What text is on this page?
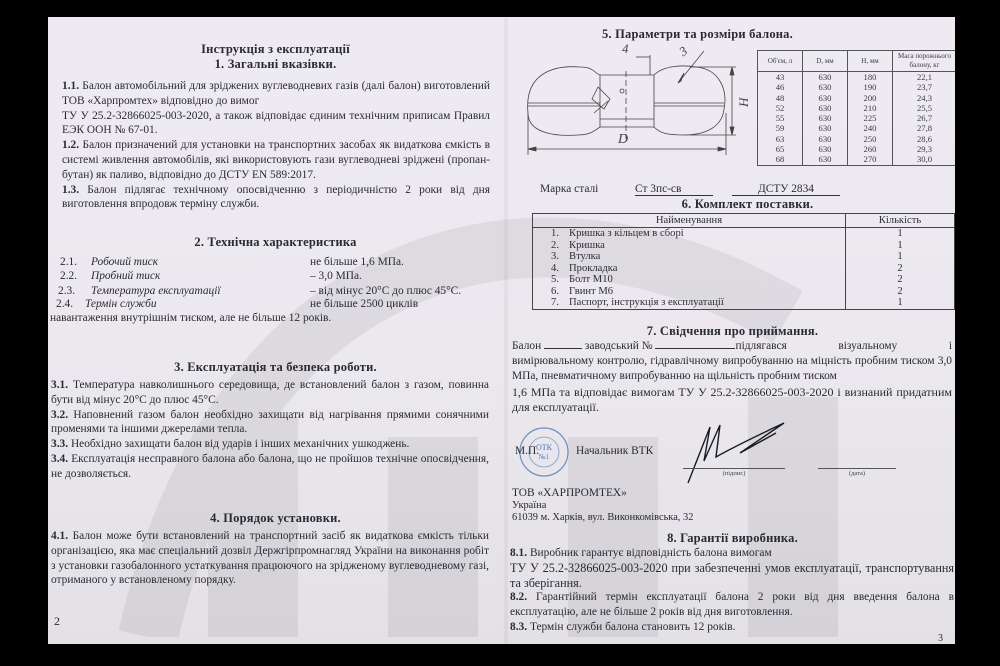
Інструкція з експлуатації
1. Загальні вказівки.
1.1. Балон автомобільний для зріджених вуглеводневих газів (далі балон) виготовлений ТОВ «Харпромтех» відповідно до вимог
ТУ У 25.2-32866025-003-2020, а також відповідає єдиним технічним приписам Правил ЕЭК ООН № 67-01.
1.2. Балон призначений для установки на транспортних засобах як видаткова ємкість в системі живлення автомобілів, які використовують гази вуглеводневі зріджені (пропан-бутан) як паливо, відповідно до ДСТУ EN 589:2017.
1.3. Балон підлягає технічному опосвідченню з періодичністю 2 роки від дня виготовлення впродовж терміну служби.
2. Технічна характеристика
2.1. Робочий тиск	не більше 1,6 МПа.
2.2. Пробний тиск	– 3,0 МПа.
2.3. Температура експлуатації	– від мінус 20°С до плюс 45°С.
2.4. Термін служби	не більше 2500 циклів
навантаження внутрішнім тиском, але не більше 12 років.
3. Експлуатація та безпека роботи.
3.1. Температура навколишнього середовища, де встановлений балон з газом, повинна бути від мінус 20°С до плюс 45°С.
3.2. Наповнений газом балон необхідно захищати від нагрівання прямими сонячними променями та іншими джерелами тепла.
3.3. Необхідно захищати балон від ударів і інших механічних ушкоджень.
3.4. Експлуатація несправного балона або балона, що не пройшов технічне опосвідчення, не дозволяється.
4. Порядок установки.
4.1. Балон може бути встановлений на транспортний засіб як видаткова ємкість тільки організацією, яка має спеціальний дозвіл Держгірпромнагляд України на виконання робіт з установки газобалонного устаткування працюючого на зрідженому вуглеводневому газі, отриманого у встановленому порядку.
2
5. Параметри та розміри балона.
4	3
H
D
Об'єм, л	D, мм	H, мм	Маса порожнього балону, кг
43	630	180	22,1
46	630	190	23,7
48	630	200	24,3
52	630	210	25,5
55	630	225	26,7
59	630	240	27,8
63	630	250	28,6
65	630	260	29,3
68	630	270	30,0
Марка сталі	Ст 3пс-св	ДСТУ 2834
6. Комплект поставки.
Найменування	Кількість
1. Кришка з кільцем в сборі	1
2. Кришка	1
3. Втулка	1
4. Прокладка	2
5. Болт М10	2
6. Гвинт М6	2
7. Паспорт, інструкція з експлуатації	1
7. Свідчення про приймання.
Балон	заводський №	підлягався	візуальному	і
вимірювальному контролю, гідравлічному випробуванню на міцність пробним тиском 3,0 МПа, пневматичному випробуванню на щільність пробним тиском
1,6 МПа та відповідає вимогам ТУ У 25.2-32866025-003-2020 і визнаний придатним для експлуатації.
ОТК
№1
М.П.	Начальник ВТК
(підпис)	(дата)
ТОВ «ХАРПРОМТЕХ»
Україна
61039 м. Харків, вул. Виконкомівська, 32
8. Гарантії виробника.
8.1. Виробник гарантує відповідність балона вимогам
ТУ У 25.2-32866025-003-2020 при забезпеченні умов експлуатації, транспортування та зберігання.
8.2. Гарантійний термін експлуатації балона 2 роки від дня введення балона в експлуатацію, але не більше 2 років від дня виготовлення.
8.3. Термін служби балона становить 12 років.
3
